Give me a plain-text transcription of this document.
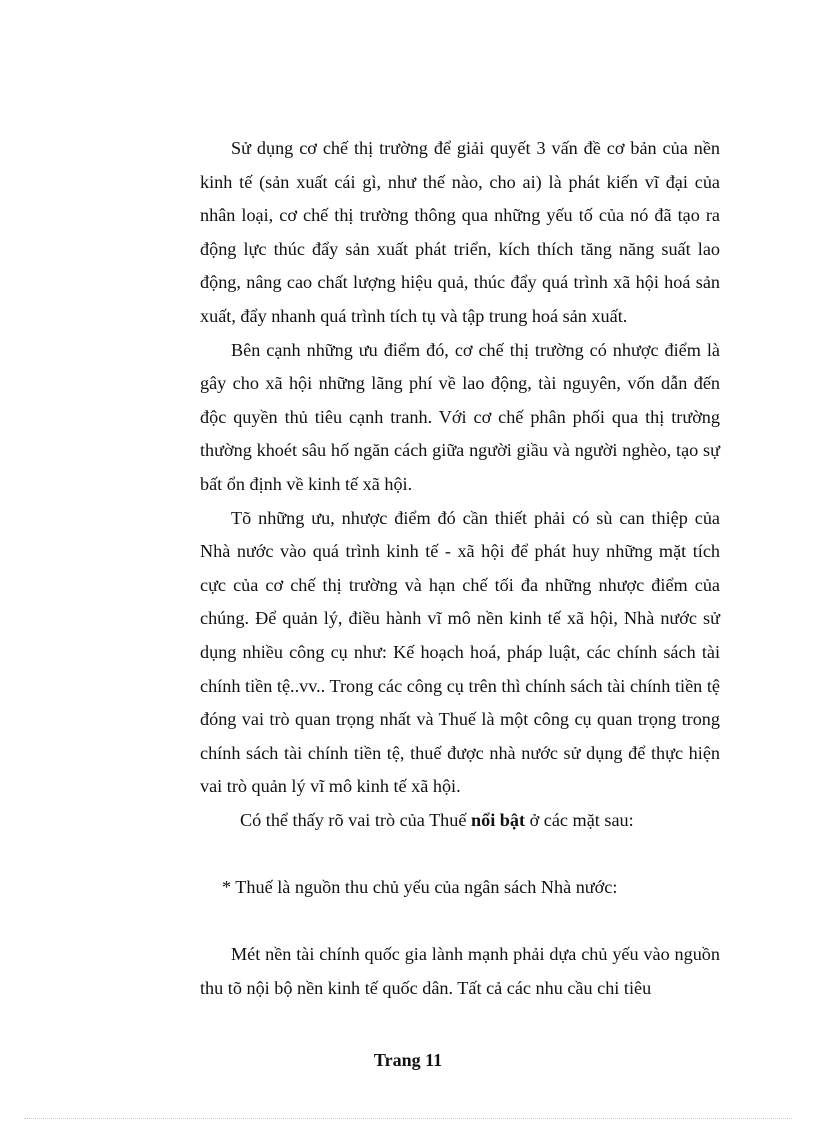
Sử dụng cơ chế thị trường để giải quyết 3 vấn đề cơ bản của nền kinh tế (sản xuất cái gì, như thế nào, cho ai) là phát kiến vĩ đại của nhân loại, cơ chế thị trường thông qua những yếu tố của nó đã tạo ra động lực thúc đẩy sản xuất phát triển, kích thích tăng năng suất lao động, nâng cao chất lượng hiệu quả, thúc đẩy quá trình xã hội hoá sản xuất, đẩy nhanh quá trình tích tụ và tập trung hoá sản xuất.

Bên cạnh những ưu điểm đó, cơ chế thị trường có nhược điểm là gây cho xã hội những lãng phí về lao động, tài nguyên, vốn dẫn đến độc quyền thủ tiêu cạnh tranh. Với cơ chế phân phối qua thị trường thường khoét sâu hố ngăn cách giữa người giầu và người nghèo, tạo sự bất ổn định về kinh tế xã hội.

Tõ những ưu, nhược điểm đó cần thiết phải có sù can thiệp của Nhà nước vào quá trình kinh tế - xã hội để phát huy những mặt tích cực của cơ chế thị trường và hạn chế tối đa những nhược điểm của chúng. Để quản lý, điều hành vĩ mô nền kinh tế xã hội, Nhà nước sử dụng nhiều công cụ như: Kế hoạch hoá, pháp luật, các chính sách tài chính tiền tệ..vv.. Trong các công cụ trên thì chính sách tài chính tiền tệ đóng vai trò quan trọng nhất và Thuế là một công cụ quan trọng trong chính sách tài chính tiền tệ, thuế được nhà nước sử dụng để thực hiện vai trò quản lý vĩ mô kinh tế xã hội.

Có thể thấy rõ vai trò của Thuế nổi bật ở các mặt sau:

* Thuế là nguồn thu chủ yếu của ngân sách Nhà nước:

Mét nền tài chính quốc gia lành mạnh phải dựa chủ yếu vào nguồn thu tõ nội bộ nền kinh tế quốc dân. Tất cả các nhu cầu chi tiêu

Trang 11
